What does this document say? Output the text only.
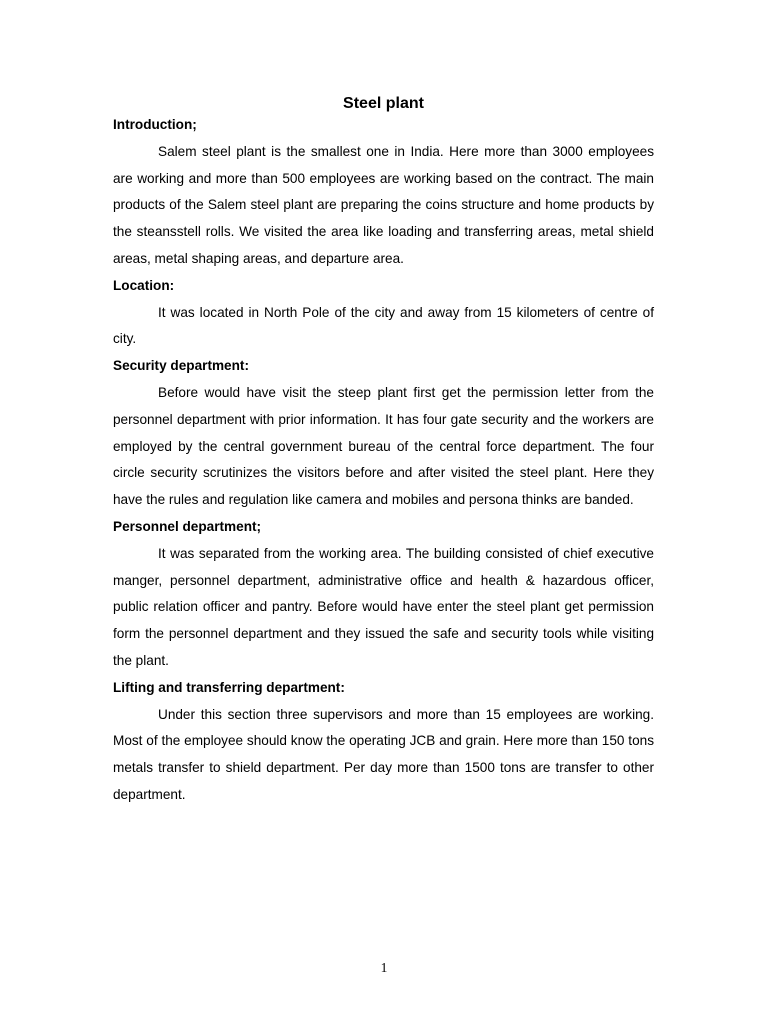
Steel plant

Introduction;

Salem steel plant is the smallest one in India. Here more than 3000 employees are working and more than 500 employees are working based on the contract. The main products of the Salem steel plant are preparing the coins structure and home products by the steansstell rolls. We visited the area like loading and transferring areas, metal shield areas, metal shaping areas, and departure area.

Location:

It was located in North Pole of the city and away from 15 kilometers of centre of city.

Security department:

Before would have visit the steep plant first get the permission letter from the personnel department with prior information. It has four gate security and the workers are employed by the central government bureau of the central force department. The four circle security scrutinizes the visitors before and after visited the steel plant. Here they have the rules and regulation like camera and mobiles and persona thinks are banded.

Personnel department;

It was separated from the working area. The building consisted of chief executive manger, personnel department, administrative office and health & hazardous officer, public relation officer and pantry. Before would have enter the steel plant get permission form the personnel department and they issued the safe and security tools while visiting the plant.

Lifting and transferring department:

Under this section three supervisors and more than 15 employees are working. Most of the employee should know the operating JCB and grain. Here more than 150 tons metals transfer to shield department. Per day more than 1500 tons are transfer to other department.

1
